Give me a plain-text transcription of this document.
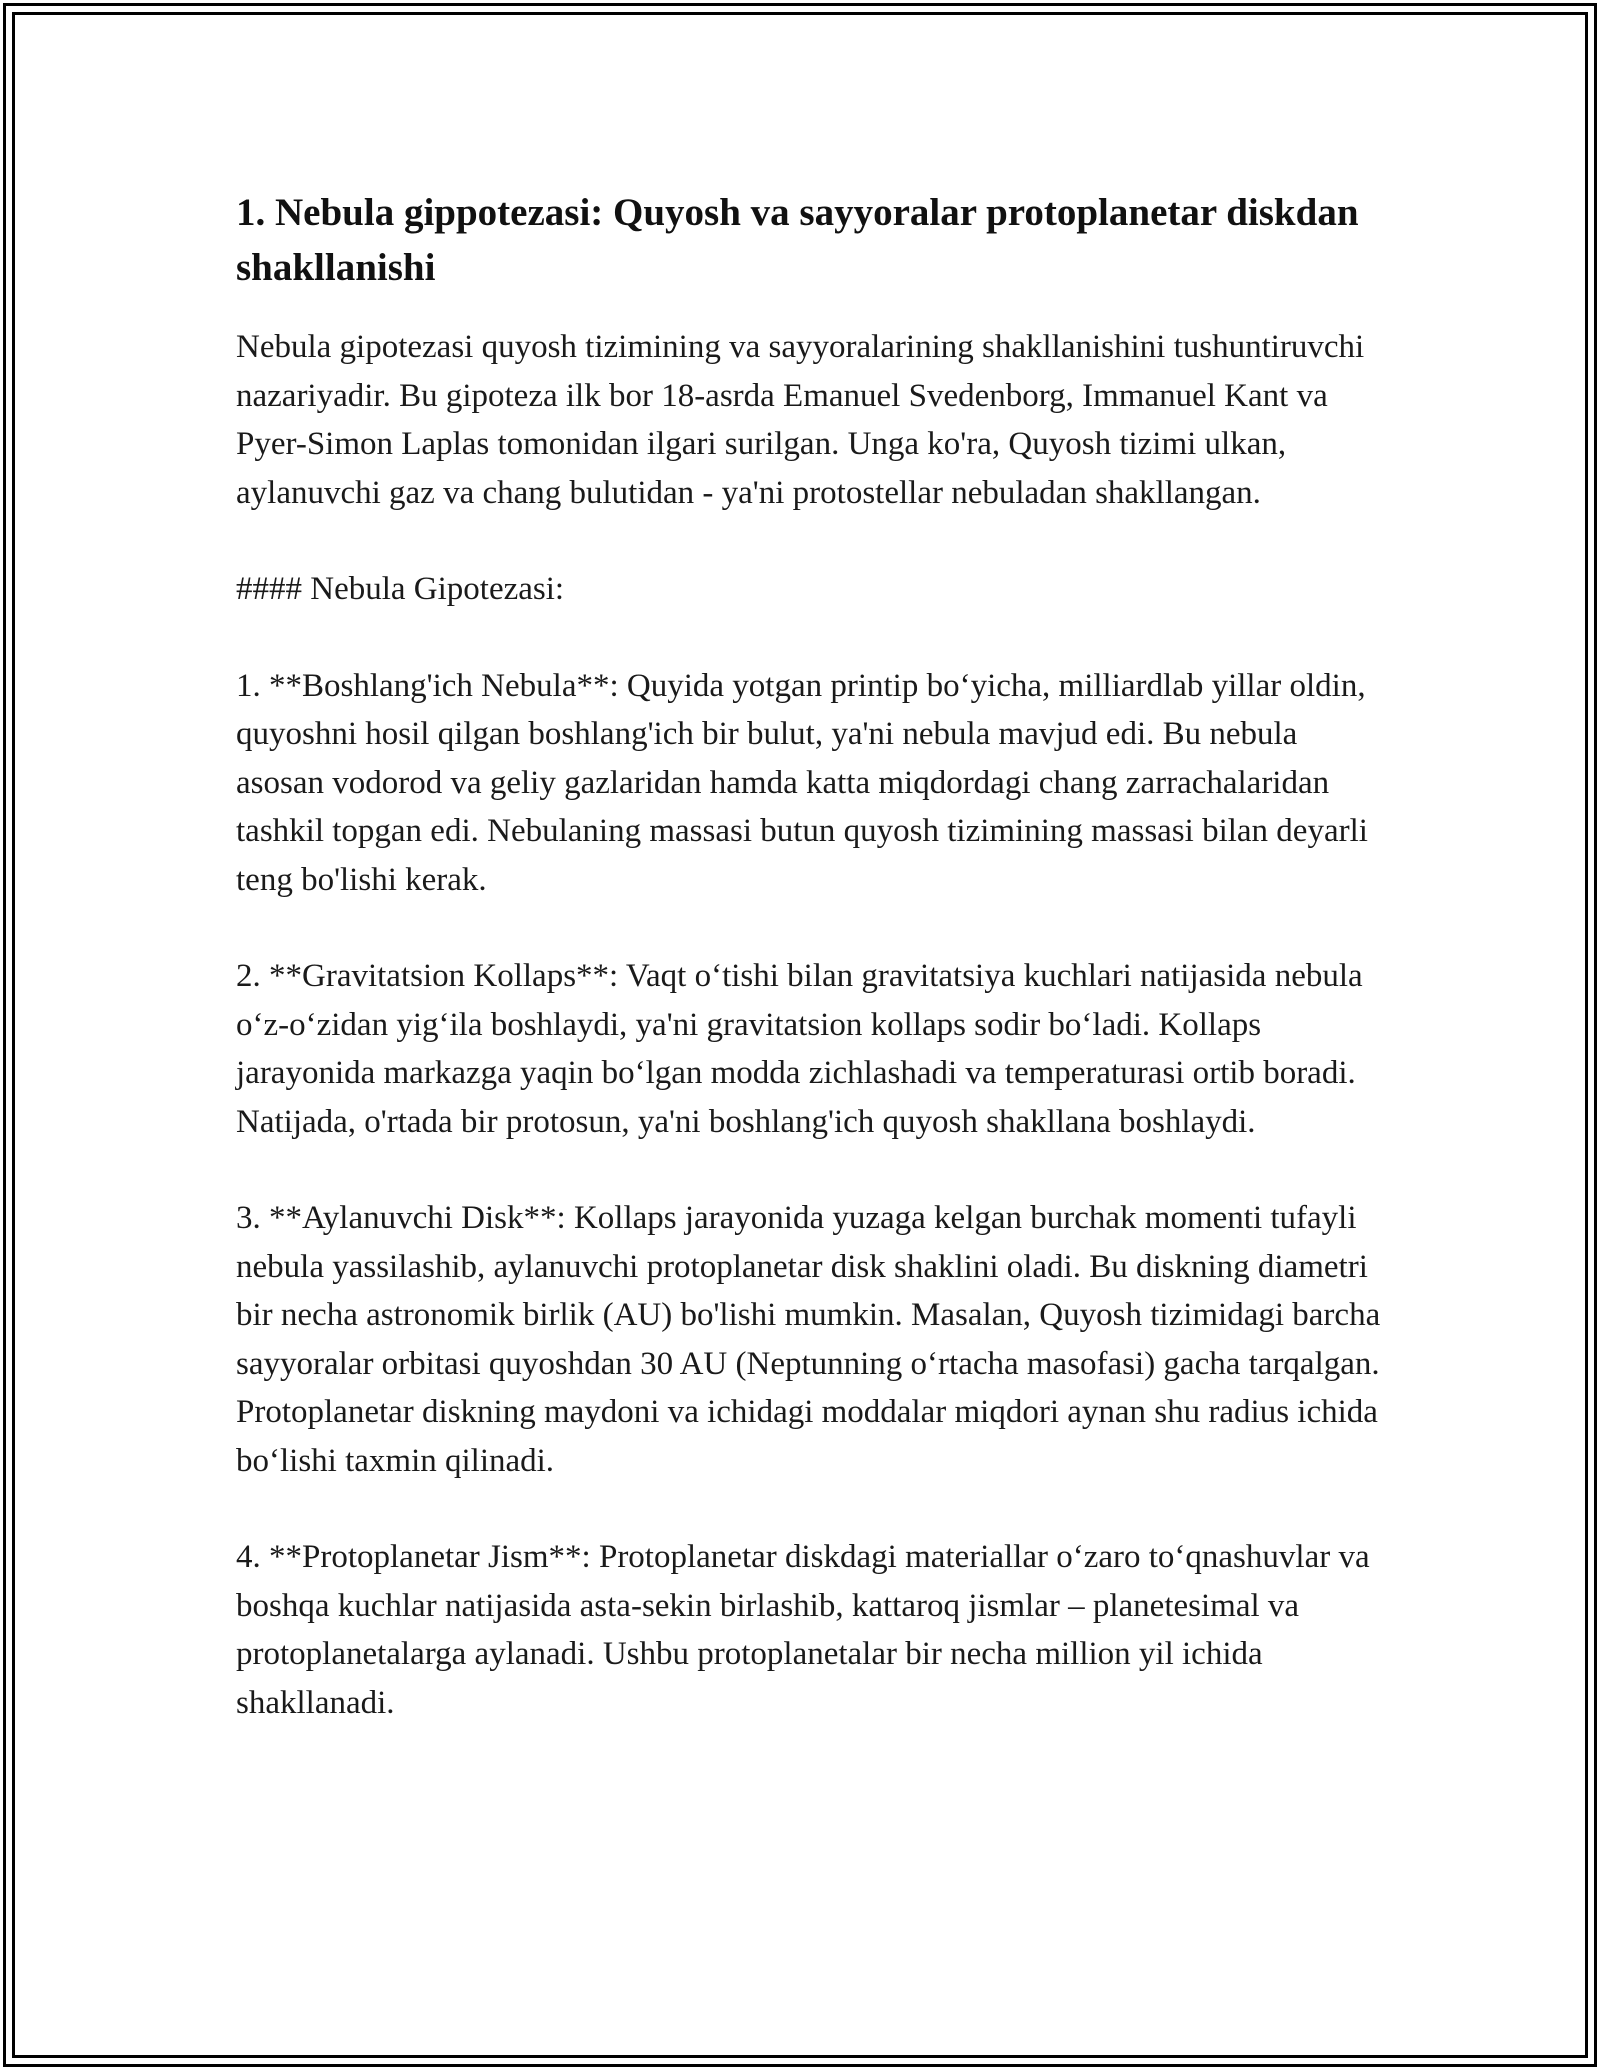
1. Nebula gippotezasi: Quyosh va sayyoralar protoplanetar diskdan shakllanishi

Nebula gipotezasi quyosh tizimining va sayyoralarining shakllanishini tushuntiruvchi nazariyadir. Bu gipoteza ilk bor 18-asrda Emanuel Svedenborg, Immanuel Kant va Pyer-Simon Laplas tomonidan ilgari surilgan. Unga ko'ra, Quyosh tizimi ulkan, aylanuvchi gaz va chang bulutidan - ya'ni protostellar nebuladan shakllangan.

#### Nebula Gipotezasi:

1. **Boshlang'ich Nebula**: Quyida yotgan printip bo‘yicha, milliardlab yillar oldin, quyoshni hosil qilgan boshlang'ich bir bulut, ya'ni nebula mavjud edi. Bu nebula asosan vodorod va geliy gazlaridan hamda katta miqdordagi chang zarrachalaridan tashkil topgan edi. Nebulaning massasi butun quyosh tizimining massasi bilan deyarli teng bo'lishi kerak.

2. **Gravitatsion Kollaps**: Vaqt o‘tishi bilan gravitatsiya kuchlari natijasida nebula o‘z-o‘zidan yig‘ila boshlaydi, ya'ni gravitatsion kollaps sodir bo‘ladi. Kollaps jarayonida markazga yaqin bo‘lgan modda zichlashadi va temperaturasi ortib boradi. Natijada, o'rtada bir protosun, ya'ni boshlang'ich quyosh shakllana boshlaydi.

3. **Aylanuvchi Disk**: Kollaps jarayonida yuzaga kelgan burchak momenti tufayli nebula yassilashib, aylanuvchi protoplanetar disk shaklini oladi. Bu diskning diametri bir necha astronomik birlik (AU) bo'lishi mumkin. Masalan, Quyosh tizimidagi barcha sayyoralar orbitasi quyoshdan 30 AU (Neptunning o‘rtacha masofasi) gacha tarqalgan. Protoplanetar diskning maydoni va ichidagi moddalar miqdori aynan shu radius ichida bo‘lishi taxmin qilinadi.

4. **Protoplanetar Jism**: Protoplanetar diskdagi materiallar o‘zaro to‘qnashuvlar va boshqa kuchlar natijasida asta-sekin birlashib, kattaroq jismlar – planetesimal va protoplanetalarga aylanadi. Ushbu protoplanetalar bir necha million yil ichida shakllanadi.
